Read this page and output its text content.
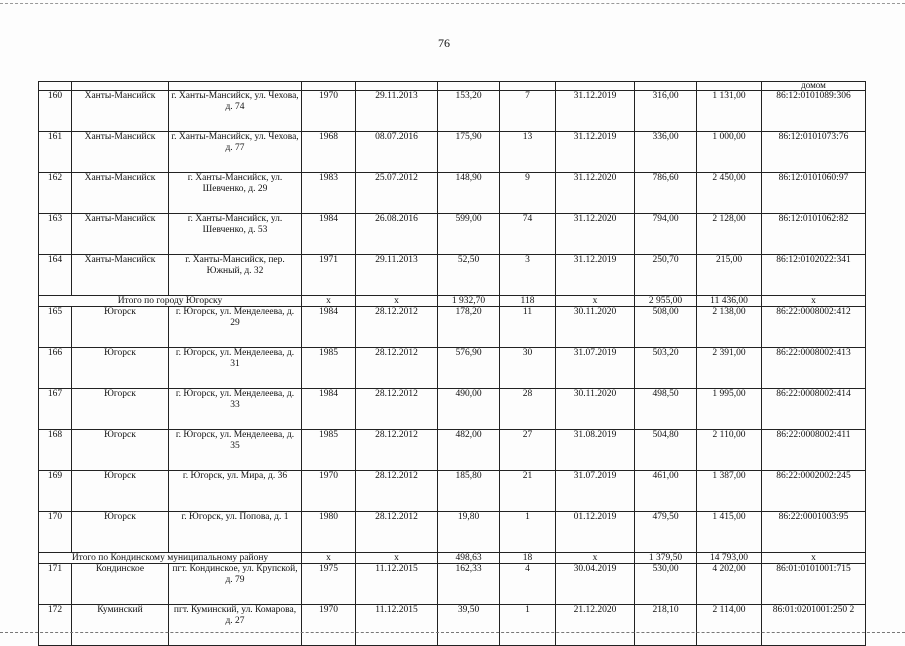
76

										домом	

160	Ханты-Мансийск	г. Ханты-Мансийск, ул. Чехова, д. 74	1970	29.11.2013	153,20	7	31.12.2019	316,00	1 131,00	86:12:0101089:306	
161	Ханты-Мансийск	г. Ханты-Мансийск, ул. Чехова, д. 77	1968	08.07.2016	175,90	13	31.12.2019	336,00	1 000,00	86:12:0101073:76	
162	Ханты-Мансийск	г. Ханты-Мансийск, ул. Шевченко, д. 29	1983	25.07.2012	148,90	9	31.12.2020	786,60	2 450,00	86:12:0101060:97	
163	Ханты-Мансийск	г. Ханты-Мансийск, ул. Шевченко, д. 53	1984	26.08.2016	599,00	74	31.12.2020	794,00	2 128,00	86:12:0101062:82	
164	Ханты-Мансийск	г. Ханты-Мансийск, пер. Южный, д. 32	1971	29.11.2013	52,50	3	31.12.2019	250,70	215,00	86:12:0102022:341	
Итого по городу Югорску			х	х	1 932,70	118	х	2 955,00	11 436,00	х	
165	Югорск	г. Югорск, ул. Менделеева, д. 29	1984	28.12.2012	178,20	11	30.11.2020	508,00	2 138,00	86:22:0008002:412	
166	Югорск	г. Югорск, ул. Менделеева, д. 31	1985	28.12.2012	576,90	30	31.07.2019	503,20	2 391,00	86:22:0008002:413	
167	Югорск	г. Югорск, ул. Менделеева, д. 33	1984	28.12.2012	490,00	28	30.11.2020	498,50	1 995,00	86:22:0008002:414	
168	Югорск	г. Югорск, ул. Менделеева, д. 35	1985	28.12.2012	482,00	27	31.08.2019	504,80	2 110,00	86:22:0008002:411	
169	Югорск	г. Югорск, ул. Мира, д. 36	1970	28.12.2012	185,80	21	31.07.2019	461,00	1 387,00	86:22:0002002:245	
170	Югорск	г. Югорск, ул. Попова, д. 1	1980	28.12.2012	19,80	1	01.12.2019	479,50	1 415,00	86:22:0001003:95	
Итого по Кондинскому муниципальному району			х	х	498,63	18	х	1 379,50	14 793,00	х	
171	Кондинское	пгт. Кондинское, ул. Крупской, д. 79	1975	11.12.2015	162,33	4	30.04.2019	530,00	4 202,00	86:01:0101001:715	
172	Куминский	пгт. Куминский, ул. Комарова, д. 27	1970	11.12.2015	39,50	1	21.12.2020	218,10	2 114,00	86:01:0201001:250 2	
